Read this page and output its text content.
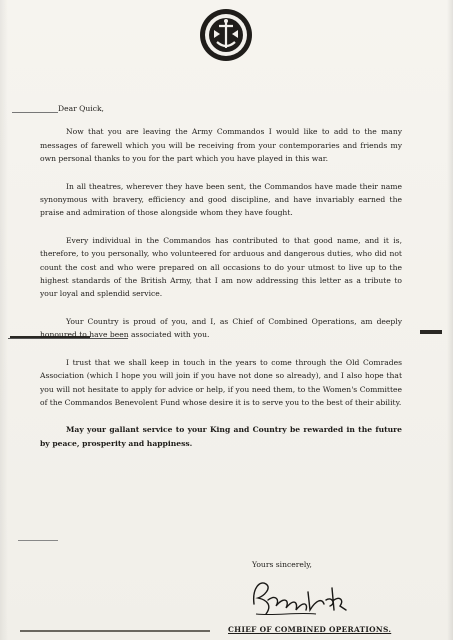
Dear Quick,

Now that you are leaving the Army Commandos I would like to add to the many messages of farewell which you will be receiving from your contemporaries and friends my own personal thanks to you for the part which you have played in this war.

In all theatres, wherever they have been sent, the Commandos have made their name synonymous with bravery, efficiency and good discipline, and have invariably earned the praise and admiration of those alongside whom they have fought.

Every individual in the Commandos has contributed to that good name, and it is, therefore, to you personally, who volunteered for arduous and dangerous duties, who did not count the cost and who were prepared on all occasions to do your utmost to live up to the highest standards of the British Army, that I am now addressing this letter as a tribute to your loyal and splendid service.

Your Country is proud of you, and I, as Chief of Combined Operations, am deeply honoured to have been associated with you.

I trust that we shall keep in touch in the years to come through the Old Comrades Association (which I hope you will join if you have not done so already), and I also hope that you will not hesitate to apply for advice or help, if you need them, to the Women's Committee of the Commandos Benevolent Fund whose desire it is to serve you to the best of their ability.

May your gallant service to your King and Country be rewarded in the future by peace, prosperity and happiness.

Yours sincerely,
CHIEF OF COMBINED OPERATIONS.
